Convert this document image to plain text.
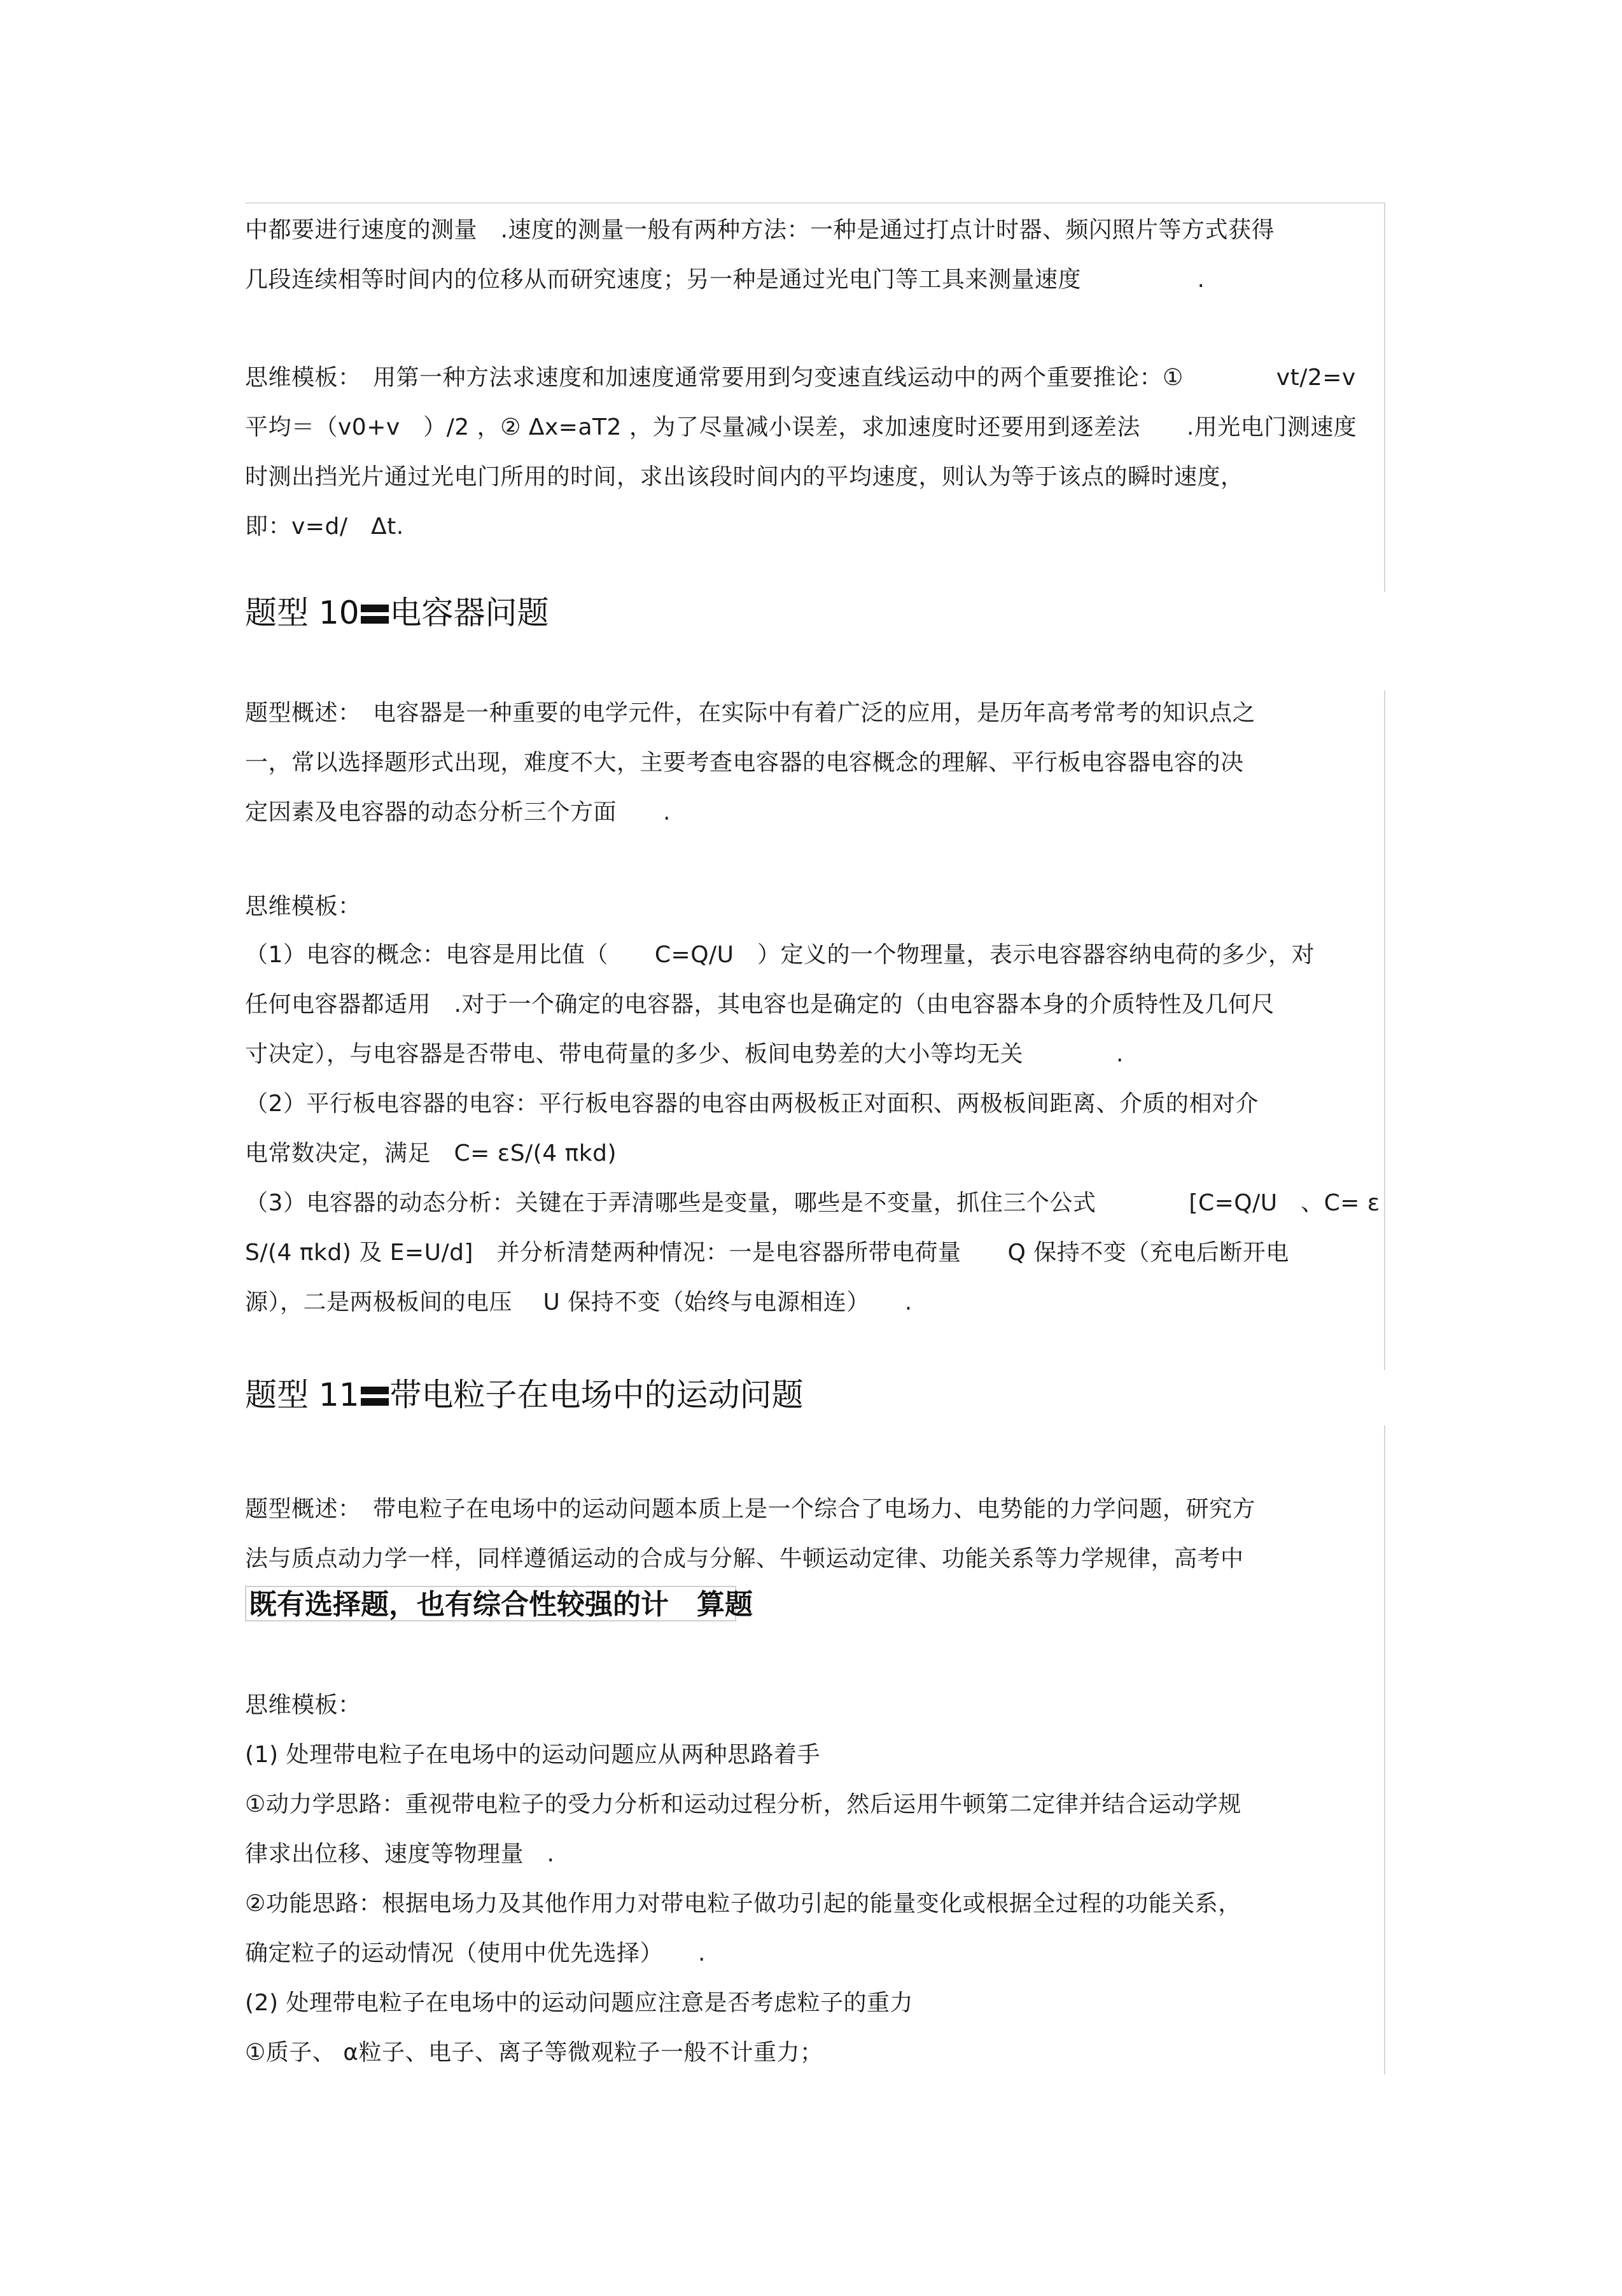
中都要进行速度的测量　.速度的测量一般有两种方法：一种是通过打点计时器、频闪照片等方式获得
几段连续相等时间内的位移从而研究速度；另一种是通过光电门等工具来测量速度　　　　　.
思维模板：　用第一种方法求速度和加速度通常要用到匀变速直线运动中的两个重要推论：①　　　　vt/2=v
平均＝（v0+v　）/2 ，② Δx=aT2 ，为了尽量减小误差，求加速度时还要用到逐差法　　.用光电门测速度
时测出挡光片通过光电门所用的时间，求出该段时间内的平均速度，则认为等于该点的瞬时速度，
即：v=d/　Δt.
题型 10 电容器问题
题型概述：　电容器是一种重要的电学元件，在实际中有着广泛的应用，是历年高考常考的知识点之
一，常以选择题形式出现，难度不大，主要考查电容器的电容概念的理解、平行板电容器电容的决
定因素及电容器的动态分析三个方面　　.
思维模板：
（1）电容的概念：电容是用比值（　　C=Q/U　）定义的一个物理量，表示电容器容纳电荷的多少，对
任何电容器都适用　.对于一个确定的电容器，其电容也是确定的（由电容器本身的介质特性及几何尺
寸决定），与电容器是否带电、带电荷量的多少、板间电势差的大小等均无关　　　　.
（2）平行板电容器的电容：平行板电容器的电容由两极板正对面积、两极板间距离、介质的相对介
电常数决定，满足　C= εS/(4 πkd)
（3）电容器的动态分析：关键在于弄清哪些是变量，哪些是不变量，抓住三个公式　　　　[C=Q/U　、C= ε
S/(4 πkd) 及 E=U/d]　并分析清楚两种情况：一是电容器所带电荷量　　Q 保持不变（充电后断开电
源），二是两极板间的电压　 U 保持不变（始终与电源相连）　　.
题型 11 带电粒子在电场中的运动问题
题型概述：　带电粒子在电场中的运动问题本质上是一个综合了电场力、电势能的力学问题，研究方
法与质点动力学一样，同样遵循运动的合成与分解、牛顿运动定律、功能关系等力学规律，高考中
思维模板：
(1) 处理带电粒子在电场中的运动问题应从两种思路着手
①动力学思路：重视带电粒子的受力分析和运动过程分析，然后运用牛顿第二定律并结合运动学规
律求出位移、速度等物理量　.
②功能思路：根据电场力及其他作用力对带电粒子做功引起的能量变化或根据全过程的功能关系，
确定粒子的运动情况（使用中优先选择）　　.
(2) 处理带电粒子在电场中的运动问题应注意是否考虑粒子的重力
①质子、 α粒子、电子、离子等微观粒子一般不计重力；
既有选择题，也有综合性较强的计　算题
